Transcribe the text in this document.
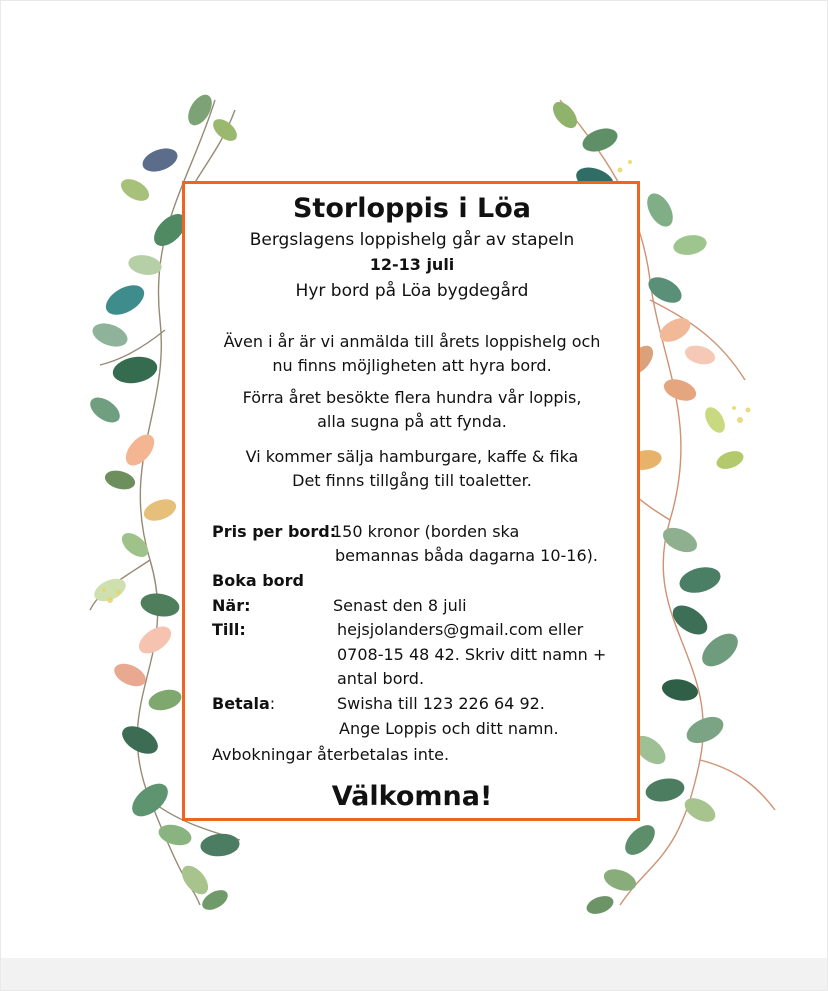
Storloppis i Löa
Bergslagens loppishelg går av stapeln
12-13 juli
Hyr bord på Löa bygdegård
Även i år är vi anmälda till årets loppishelg och
nu finns möjligheten att hyra bord.
Förra året besökte flera hundra vår loppis,
alla sugna på att fynda.
Vi kommer sälja hamburgare, kaffe & fika
Det finns tillgång till toaletter.
Pris per bord:
150 kronor (borden ska
bemannas båda dagarna 10-16).
Boka bord
När:	Senast den 8 juli
Till:	hejsjolanders@gmail.com eller
0708-15 48 42. Skriv ditt namn +
antal bord.
Betala:	Swisha till 123 226 64 92.
Ange Loppis och ditt namn.
Avbokningar återbetalas inte.
Välkomna!
